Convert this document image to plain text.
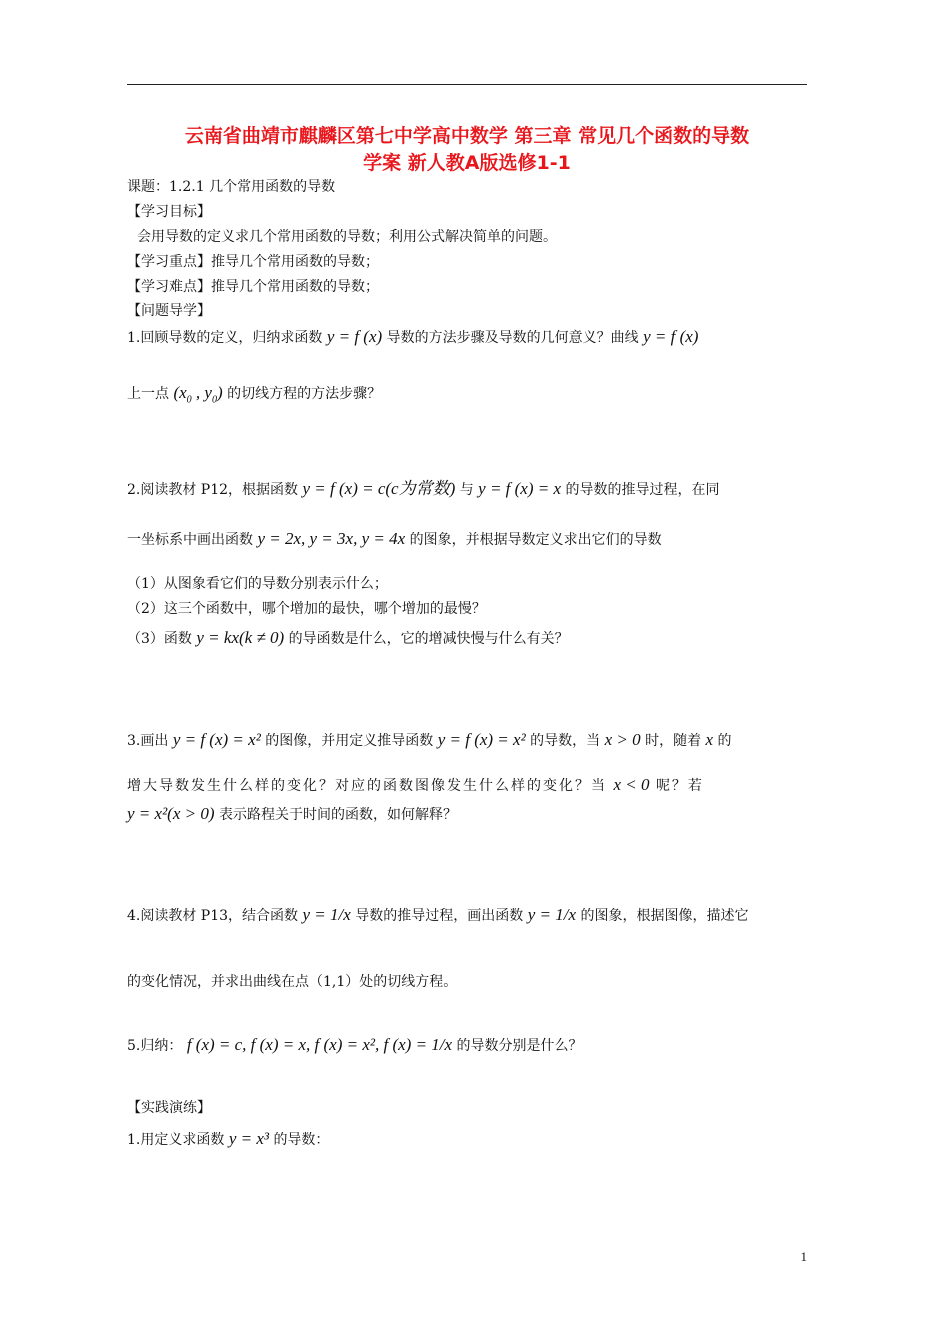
云南省曲靖市麒麟区第七中学高中数学 第三章 常见几个函数的导数
学案 新人教A版选修1-1
课题：1.2.1 几个常用函数的导数
【学习目标】
会用导数的定义求几个常用函数的导数；利用公式解决简单的问题。
【学习重点】推导几个常用函数的导数；
【学习难点】推导几个常用函数的导数；
【问题导学】
1.回顾导数的定义，归纳求函数 y = f (x) 导数的方法步骤及导数的几何意义？曲线 y = f (x)
上一点 ($x_0$ , $y_0$) 的切线方程的方法步骤？
2.阅读教材 P12，根据函数 y = f (x) = c(c为常数) 与 y = f (x) = x 的导数的推导过程，在同
一坐标系中画出函数 y = 2x, y = 3x, y = 4x 的图象，并根据导数定义求出它们的导数
（1）从图象看它们的导数分别表示什么；
（2）这三个函数中，哪个增加的最快，哪个增加的最慢？
（3）函数 y = kx(k ≠ 0) 的导函数是什么，它的增减快慢与什么有关？
3.画出 y = f (x) = x² 的图像，并用定义推导函数 y = f (x) = x² 的导数，当 x > 0 时，随着 x 的
增大导数发生什么样的变化？对应的函数图像发生什么样的变化？当 x < 0 呢？若
y = x²(x > 0) 表示路程关于时间的函数，如何解释？
4.阅读教材 P13，结合函数 y = 1/x 导数的推导过程，画出函数 y = 1/x 的图象，根据图像，描述它
的变化情况，并求出曲线在点（1,1）处的切线方程。
5.归纳： f (x) = c, f (x) = x, f (x) = x², f (x) = 1/x 的导数分别是什么？
【实践演练】
1.用定义求函数 y = x³ 的导数：
1
